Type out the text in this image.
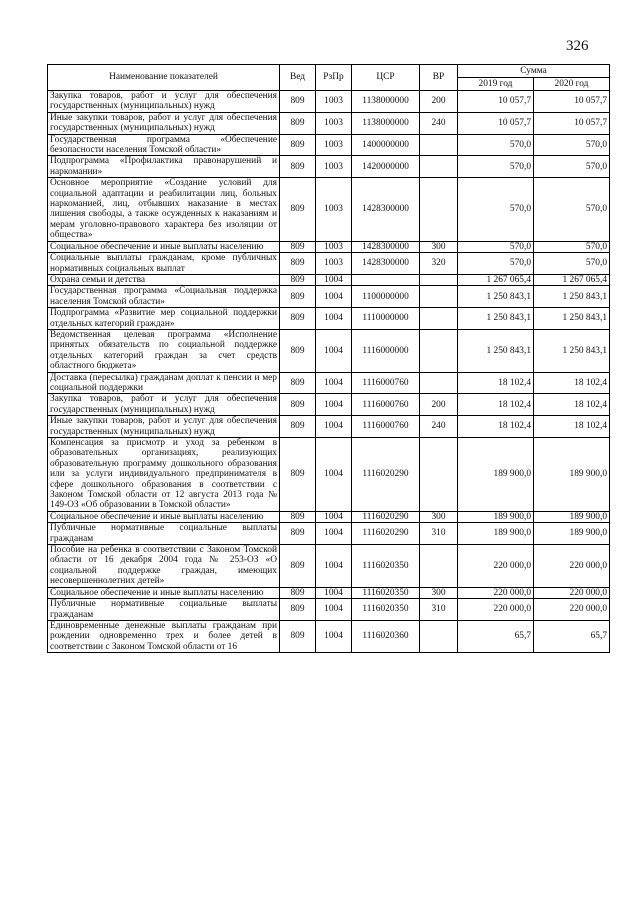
326
Наименование показателей	Вед	РзПр	ЦСР	ВР	Сумма	
					2019 год	2020 год
Закупка товаров, работ и услуг для обеспечения государственных (муниципальных) нужд	809	1003	1138000000	200	10 057,7	10 057,7
Иные закупки товаров, работ и услуг для обеспечения государственных (муниципальных) нужд	809	1003	1138000000	240	10 057,7	10 057,7
Государственная программа «Обеспечение безопасности населения Томской области»	809	1003	1400000000		570,0	570,0
Подпрограмма «Профилактика правонарушений и наркомании»	809	1003	1420000000		570,0	570,0
Основное мероприятие «Создание условий для социальной адаптации и реабилитации лиц, больных наркоманией, лиц, отбывших наказание в местах лишения свободы, а также осужденных к наказаниям и мерам уголовно-правового характера без изоляции от общества»	809	1003	1428300000		570,0	570,0
Социальное обеспечение и иные выплаты населению	809	1003	1428300000	300	570,0	570,0
Социальные выплаты гражданам, кроме публичных нормативных социальных выплат	809	1003	1428300000	320	570,0	570,0
Охрана семьи и детства	809	1004			1 267 065,4	1 267 065,4
Государственная программа «Социальная поддержка населения Томской области»	809	1004	1100000000		1 250 843,1	1 250 843,1
Подпрограмма «Развитие мер социальной поддержки отдельных категорий граждан»	809	1004	1110000000		1 250 843,1	1 250 843,1
Ведомственная целевая программа «Исполнение принятых обязательств по социальной поддержке отдельных категорий граждан за счет средств областного бюджета»	809	1004	1116000000		1 250 843,1	1 250 843,1
Доставка (пересылка) гражданам доплат к пенсии и мер социальной поддержки	809	1004	1116000760		18 102,4	18 102,4
Закупка товаров, работ и услуг для обеспечения государственных (муниципальных) нужд	809	1004	1116000760	200	18 102,4	18 102,4
Иные закупки товаров, работ и услуг для обеспечения государственных (муниципальных) нужд	809	1004	1116000760	240	18 102,4	18 102,4
Компенсация за присмотр и уход за ребенком в образовательных организациях, реализующих образовательную программу дошкольного образования или за услуги индивидуального предпринимателя в сфере дошкольного образования в соответствии с Законом Томской области от 12 августа 2013 года № 149-ОЗ «Об образовании в Томской области»	809	1004	1116020290		189 900,0	189 900,0
Социальное обеспечение и иные выплаты населению	809	1004	1116020290	300	189 900,0	189 900,0
Публичные нормативные социальные выплаты гражданам	809	1004	1116020290	310	189 900,0	189 900,0
Пособие на ребенка в соответствии с Законом Томской области от 16 декабря 2004 года № 253-ОЗ «О социальной поддержке граждан, имеющих несовершеннолетних детей»	809	1004	1116020350		220 000,0	220 000,0
Социальное обеспечение и иные выплаты населению	809	1004	1116020350	300	220 000,0	220 000,0
Публичные нормативные социальные выплаты гражданам	809	1004	1116020350	310	220 000,0	220 000,0
Единовременные денежные выплаты гражданам при рождении одновременно трех и более детей в соответствии с Законом Томской области от 16	809	1004	1116020360		65,7	65,7
